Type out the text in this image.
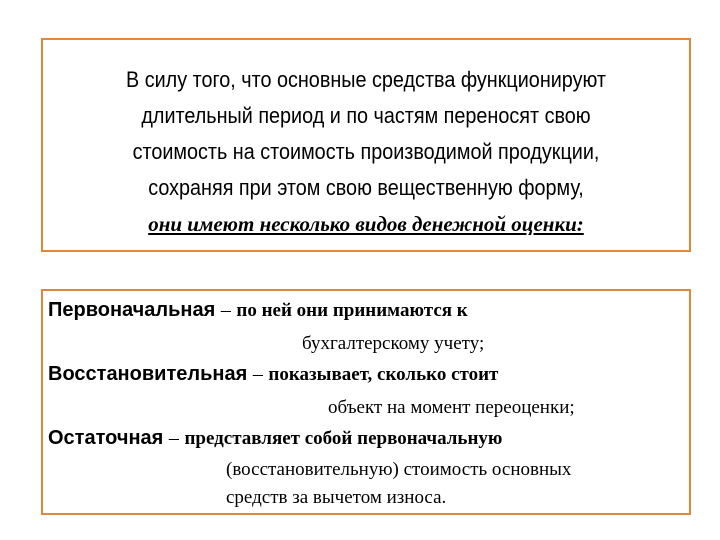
В силу того, что основные средства функционируют
длительный период и по частям переносят свою
стоимость на стоимость производимой продукции,
сохраняя при этом свою вещественную форму,
они имеют несколько видов денежной оценки:
Первоначальная – по ней они принимаются к
бухгалтерскому учету;
Восстановительная – показывает, сколько стоит
объект на момент переоценки;
Остаточная – представляет собой первоначальную
(восстановительную) стоимость основных
средств за вычетом износа.
